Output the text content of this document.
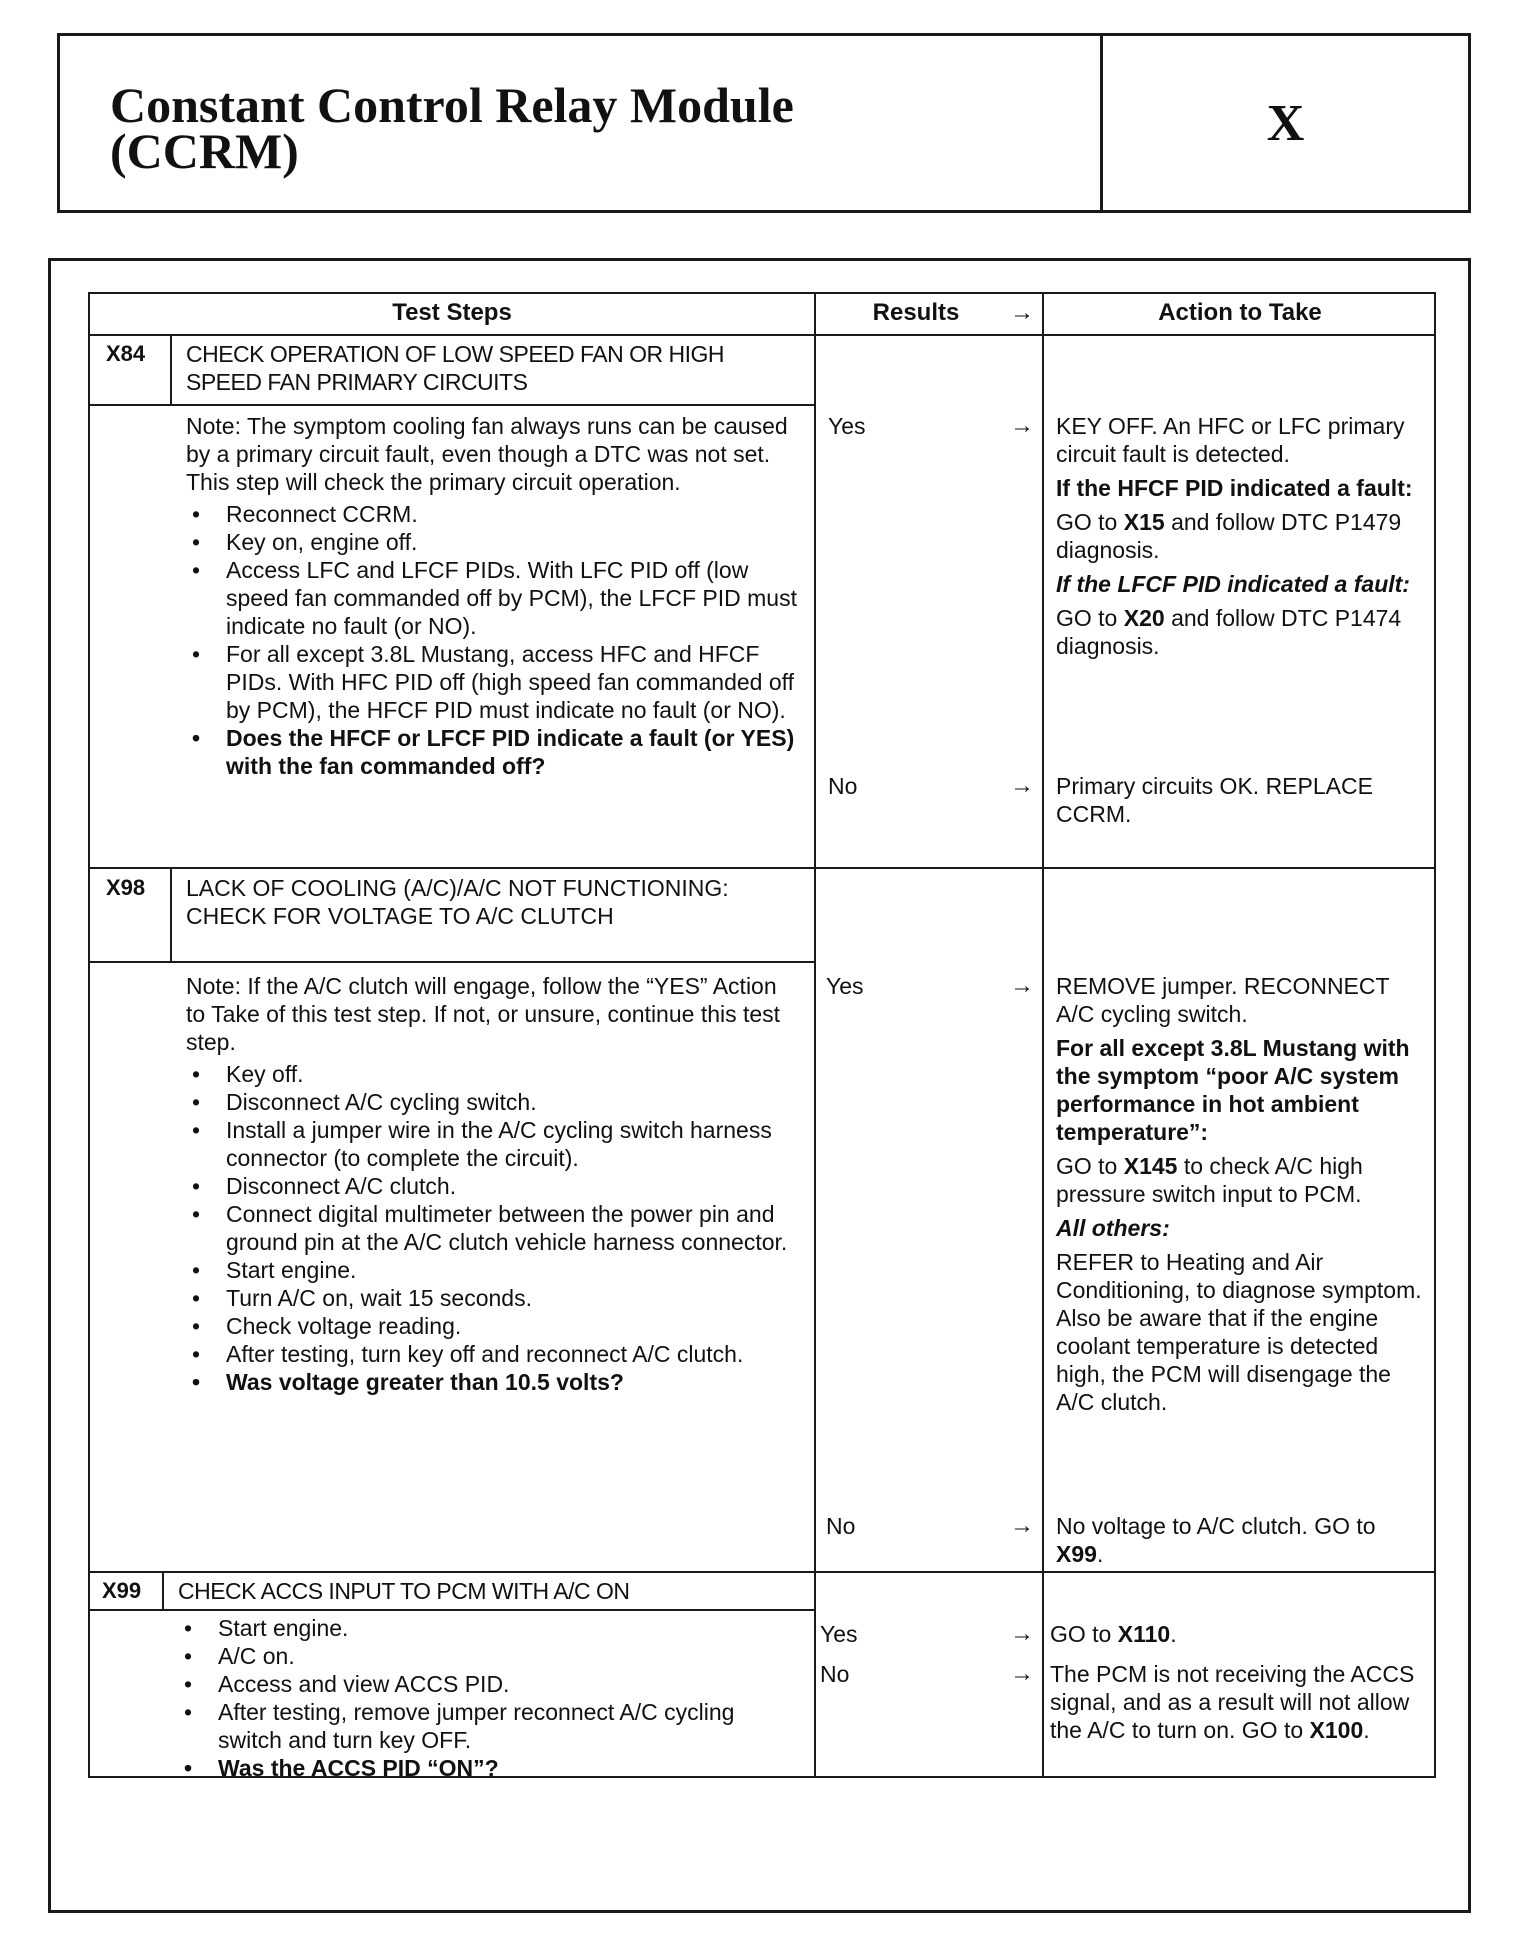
Constant Control Relay Module (CCRM)	X
Test Steps	Results	→	Action to Take
X84 CHECK OPERATION OF LOW SPEED FAN OR HIGH SPEED FAN PRIMARY CIRCUITS
Note: The symptom cooling fan always runs can be caused by a primary circuit fault, even though a DTC was not set. This step will check the primary circuit operation.
• Reconnect CCRM.
• Key on, engine off.
• Access LFC and LFCF PIDs. With LFC PID off (low speed fan commanded off by PCM), the LFCF PID must indicate no fault (or NO).
• For all except 3.8L Mustang, access HFC and HFCF PIDs. With HFC PID off (high speed fan commanded off by PCM), the HFCF PID must indicate no fault (or NO).
• Does the HFCF or LFCF PID indicate a fault (or YES) with the fan commanded off?
Yes	→ KEY OFF. An HFC or LFC primary circuit fault is detected.

If the HFCF PID indicated a fault:

GO to X15 and follow DTC P1479 diagnosis.

If the LFCF PID indicated a fault:

GO to X20 and follow DTC P1474 diagnosis.

No	→ Primary circuits OK. REPLACE CCRM.
X98 LACK OF COOLING (A/C)/A/C NOT FUNCTIONING: CHECK FOR VOLTAGE TO A/C CLUTCH
Note: If the A/C clutch will engage, follow the “YES” Action to Take of this test step. If not, or unsure, continue this test step.
• Key off.
• Disconnect A/C cycling switch.
• Install a jumper wire in the A/C cycling switch harness connector (to complete the circuit).
• Disconnect A/C clutch.
• Connect digital multimeter between the power pin and ground pin at the A/C clutch vehicle harness connector.
• Start engine.
• Turn A/C on, wait 15 seconds.
• Check voltage reading.
• After testing, turn key off and reconnect A/C clutch.
• Was voltage greater than 10.5 volts?
Yes	→ REMOVE jumper. RECONNECT A/C cycling switch.

For all except 3.8L Mustang with the symptom “poor A/C system performance in hot ambient temperature”:

GO to X145 to check A/C high pressure switch input to PCM.

All others:

REFER to Heating and Air Conditioning, to diagnose symptom. Also be aware that if the engine coolant temperature is detected high, the PCM will disengage the A/C clutch.

No	→ No voltage to A/C clutch. GO to X99.
X99 CHECK ACCS INPUT TO PCM WITH A/C ON
• Start engine.
• A/C on.
• Access and view ACCS PID.
• After testing, remove jumper reconnect A/C cycling switch and turn key OFF.
• Was the ACCS PID “ON”?
Yes	→ GO to X110.
No	→ The PCM is not receiving the ACCS signal, and as a result will not allow the A/C to turn on. GO to X100.
